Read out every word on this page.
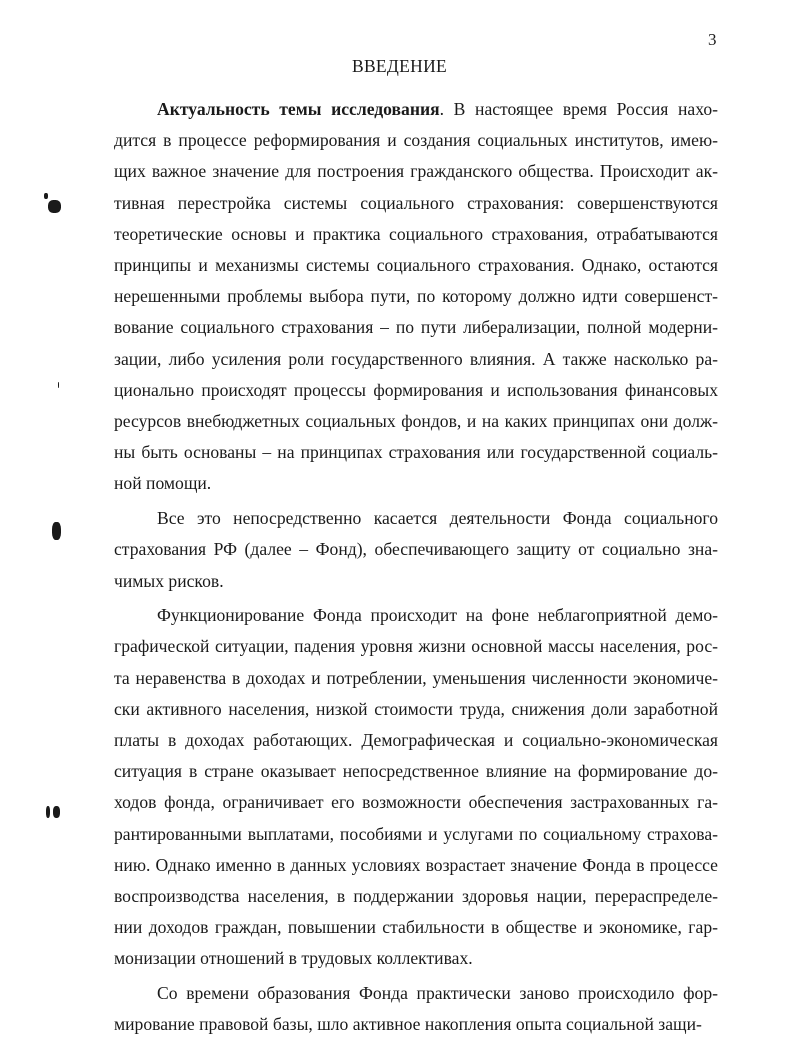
3
ВВЕДЕНИЕ

Актуальность темы исследования. В настоящее время Россия нахо-
дится в процессе реформирования и создания социальных институтов, имею-
щих важное значение для построения гражданского общества. Происходит ак-
тивная перестройка системы социального страхования: совершенствуются
теоретические основы и практика социального страхования, отрабатываются
принципы и механизмы системы социального страхования. Однако, остаются
нерешенными проблемы выбора пути, по которому должно идти совершенст-
вование социального страхования – по пути либерализации, полной модерни-
зации, либо усиления роли государственного влияния. А также насколько ра-
ционально происходят процессы формирования и использования финансовых
ресурсов внебюджетных социальных фондов, и на каких принципах они долж-
ны быть основаны – на принципах страхования или государственной социаль-
ной помощи.

Все это непосредственно касается деятельности Фонда социального
страхования РФ (далее – Фонд), обеспечивающего защиту от социально зна-
чимых рисков.

Функционирование Фонда происходит на фоне неблагоприятной демо-
графической ситуации, падения уровня жизни основной массы населения, рос-
та неравенства в доходах и потреблении, уменьшения численности экономиче-
ски активного населения, низкой стоимости труда, снижения доли заработной
платы в доходах работающих. Демографическая и социально-экономическая
ситуация в стране оказывает непосредственное влияние на формирование до-
ходов фонда, ограничивает его возможности обеспечения застрахованных га-
рантированными выплатами, пособиями и услугами по социальному страхова-
нию. Однако именно в данных условиях возрастает значение Фонда в процессе
воспроизводства населения, в поддержании здоровья нации, перераспределе-
нии доходов граждан, повышении стабильности в обществе и экономике, гар-
монизации отношений в трудовых коллективах.

Со времени образования Фонда практически заново происходило фор-
мирование правовой базы, шло активное накопления опыта социальной защи-
